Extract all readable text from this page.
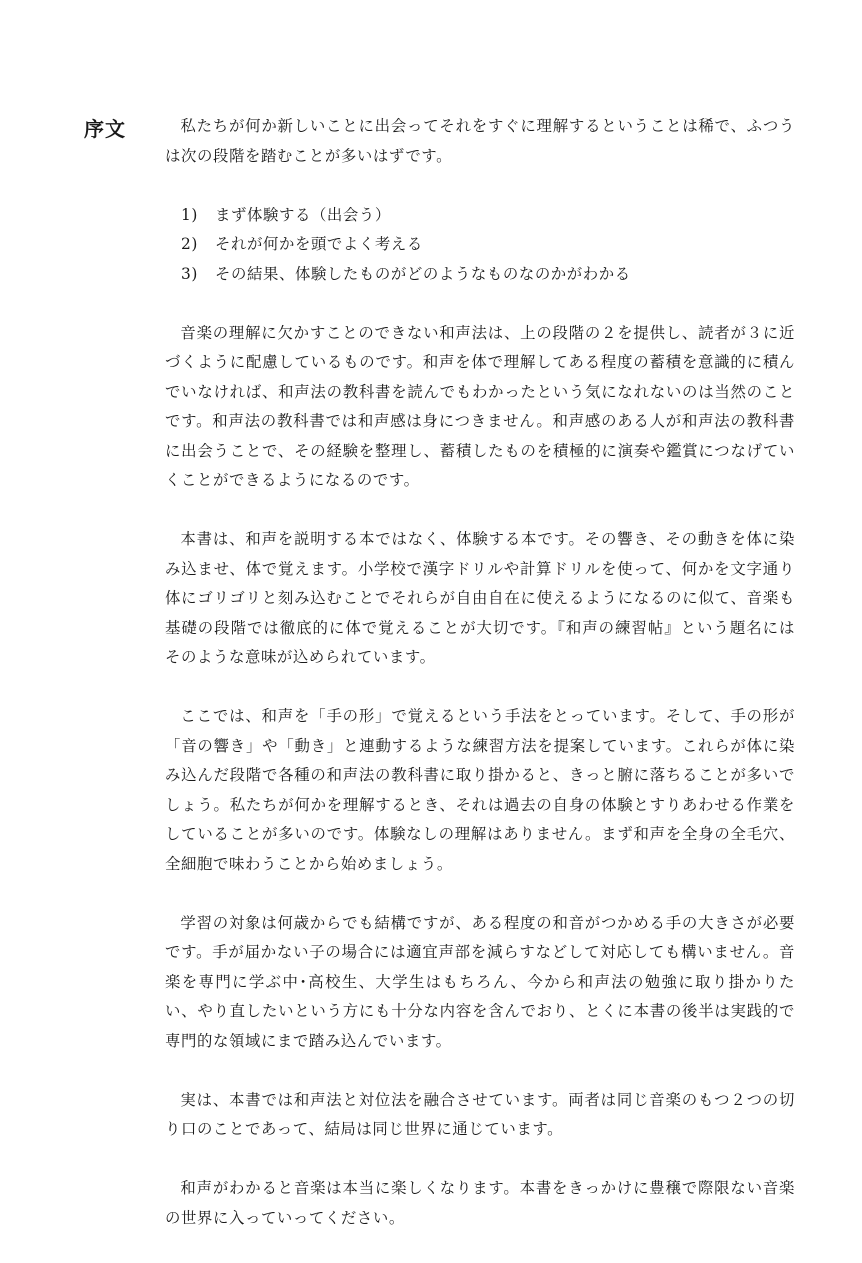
序文	私たちが何か新しいことに出会ってそれをすぐに理解するということは稀で、ふつうは次の段階を踏むことが多いはずです。

1)	まず体験する（出会う）
2)	それが何かを頭でよく考える
3)	その結果、体験したものがどのようなものなのかがわかる

音楽の理解に欠かすことのできない和声法は、上の段階の２を提供し、読者が３に近づくように配慮しているものです。和声を体で理解してある程度の蓄積を意識的に積んでいなければ、和声法の教科書を読んでもわかったという気になれないのは当然のことです。和声法の教科書では和声感は身につきません。和声感のある人が和声法の教科書に出会うことで、その経験を整理し、蓄積したものを積極的に演奏や鑑賞につなげていくことができるようになるのです。

本書は、和声を説明する本ではなく、体験する本です。その響き、その動きを体に染み込ませ、体で覚えます。小学校で漢字ドリルや計算ドリルを使って、何かを文字通り体にゴリゴリと刻み込むことでそれらが自由自在に使えるようになるのに似て、音楽も基礎の段階では徹底的に体で覚えることが大切です。『和声の練習帖』という題名にはそのような意味が込められています。

ここでは、和声を「手の形」で覚えるという手法をとっています。そして、手の形が「音の響き」や「動き」と連動するような練習方法を提案しています。これらが体に染み込んだ段階で各種の和声法の教科書に取り掛かると、きっと腑に落ちることが多いでしょう。私たちが何かを理解するとき、それは過去の自身の体験とすりあわせる作業をしていることが多いのです。体験なしの理解はありません。まず和声を全身の全毛穴、全細胞で味わうことから始めましょう。

学習の対象は何歳からでも結構ですが、ある程度の和音がつかめる手の大きさが必要です。手が届かない子の場合には適宜声部を減らすなどして対応しても構いません。音楽を専門に学ぶ中･高校生、大学生はもちろん、今から和声法の勉強に取り掛かりたい、やり直したいという方にも十分な内容を含んでおり、とくに本書の後半は実践的で専門的な領域にまで踏み込んでいます。

実は、本書では和声法と対位法を融合させています。両者は同じ音楽のもつ２つの切り口のことであって、結局は同じ世界に通じています。

和声がわかると音楽は本当に楽しくなります。本書をきっかけに豊穣で際限ない音楽の世界に入っていってください。
